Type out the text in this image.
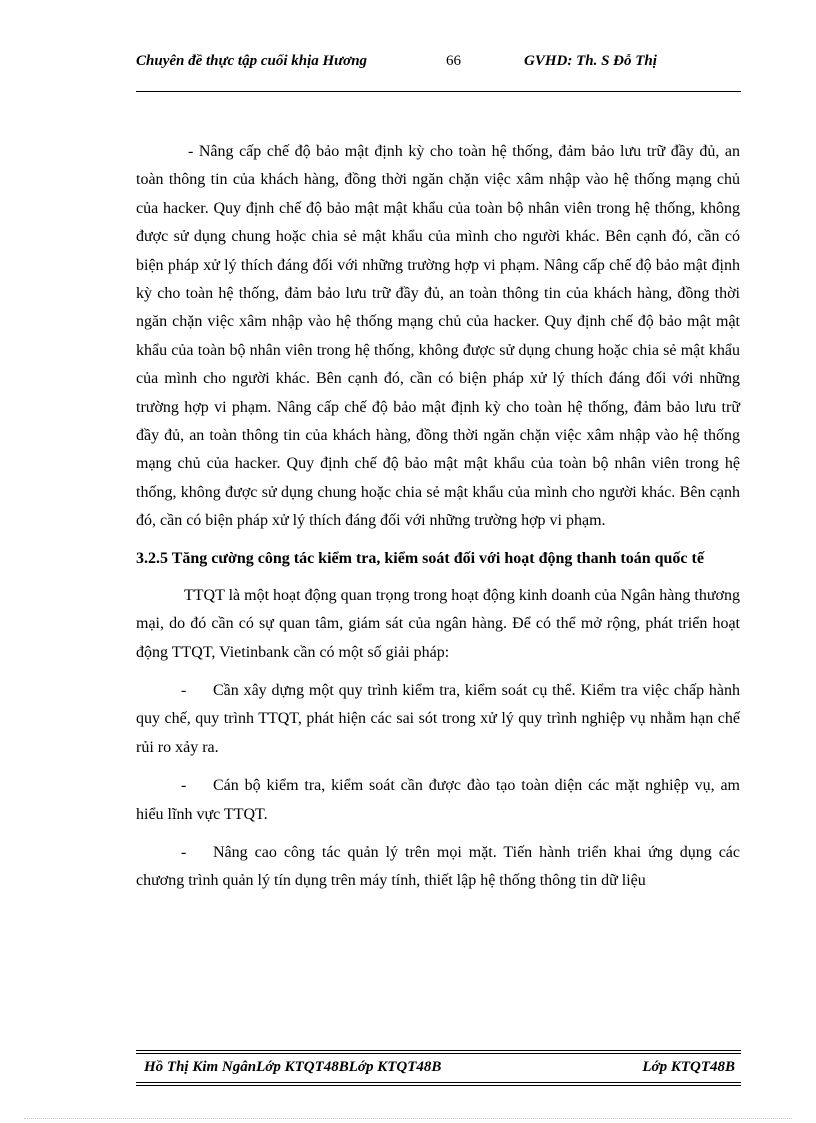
Chuyên đề thực tập cuối khịa Hương	66	GVHD: Th. S Đỗ Thị

- Nâng cấp chế độ bảo mật định kỳ cho toàn hệ thống, đảm bảo lưu trữ đầy đủ, an toàn thông tin của khách hàng, đồng thời ngăn chặn việc xâm nhập vào hệ thống mạng chủ của hacker. Quy định chế độ bảo mật mật khẩu của toàn bộ nhân viên trong hệ thống, không được sử dụng chung hoặc chia sẻ mật khẩu của mình cho người khác. Bên cạnh đó, cần có biện pháp xử lý thích đáng đối với những trường hợp vi phạm. Nâng cấp chế độ bảo mật định kỳ cho toàn hệ thống, đảm bảo lưu trữ đầy đủ, an toàn thông tin của khách hàng, đồng thời ngăn chặn việc xâm nhập vào hệ thống mạng chủ của hacker. Quy định chế độ bảo mật mật khẩu của toàn bộ nhân viên trong hệ thống, không được sử dụng chung hoặc chia sẻ mật khẩu của mình cho người khác. Bên cạnh đó, cần có biện pháp xử lý thích đáng đối với những trường hợp vi phạm. Nâng cấp chế độ bảo mật định kỳ cho toàn hệ thống, đảm bảo lưu trữ đầy đủ, an toàn thông tin của khách hàng, đồng thời ngăn chặn việc xâm nhập vào hệ thống mạng chủ của hacker. Quy định chế độ bảo mật mật khẩu của toàn bộ nhân viên trong hệ thống, không được sử dụng chung hoặc chia sẻ mật khẩu của mình cho người khác. Bên cạnh đó, cần có biện pháp xử lý thích đáng đối với những trường hợp vi phạm.

3.2.5 Tăng cường công tác kiểm tra, kiểm soát đối với hoạt động thanh toán quốc tế

TTQT là một hoạt động quan trọng trong hoạt động kinh doanh của Ngân hàng thương mại, do đó cần có sự quan tâm, giám sát của ngân hàng. Để có thể mở rộng, phát triển hoạt động TTQT, Vietinbank cần có một số giải pháp:

- Cần xây dựng một quy trình kiểm tra, kiểm soát cụ thể. Kiểm tra việc chấp hành quy chế, quy trình TTQT, phát hiện các sai sót trong xử lý quy trình nghiệp vụ nhằm hạn chế rủi ro xảy ra.

- Cán bộ kiểm tra, kiểm soát cần được đào tạo toàn diện các mặt nghiệp vụ, am hiểu lĩnh vực TTQT.

- Nâng cao công tác quản lý trên mọi mặt. Tiến hành triển khai ứng dụng các chương trình quản lý tín dụng trên máy tính, thiết lập hệ thống thông tin dữ liệu

Hồ Thị Kim NgânLớp KTQT48BLớp KTQT48B	Lớp KTQT48B
